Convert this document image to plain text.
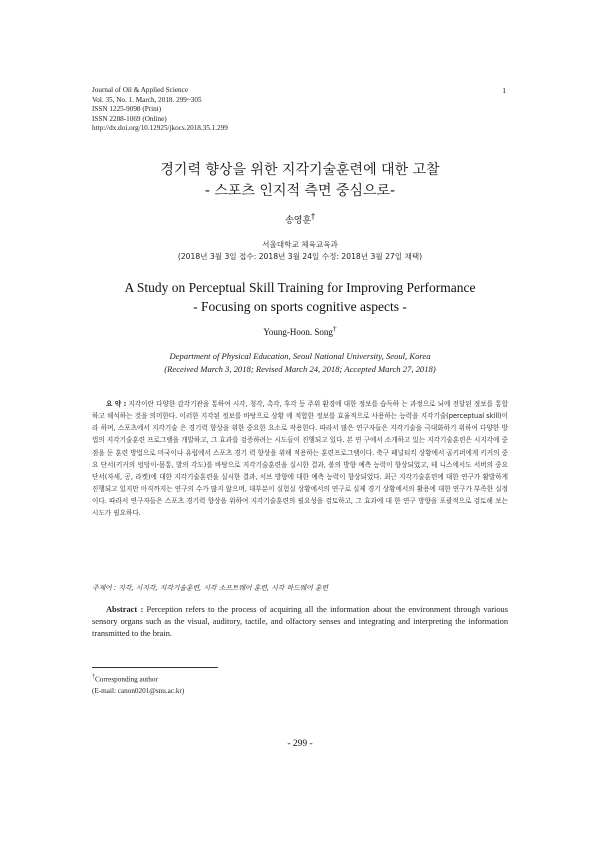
Journal of Oil & Applied Science
Vol. 35, No. 1. March, 2018. 299~305
ISSN 1225-9098 (Print)
ISSN 2288-1069 (Online)
http://dx.doi.org/10.12925/jkocs.2018.35.1.299
1
경기력 향상을 위한 지각기술훈련에 대한 고찰
- 스포츠 인지적 측면 중심으로-
송영훈†
서울대학교 체육교육과
(2018년 3월 3일 접수: 2018년 3월 24일 수정: 2018년 3월 27일 채택)
A Study on Perceptual Skill Training for Improving Performance
- Focusing on sports cognitive aspects -
Young-Hoon. Song†
Department of Physical Education, Seoul National University, Seoul, Korea
(Received March 3, 2018; Revised March 24, 2018; Accepted March 27, 2018)
요 약 : 지각이란 다양한 감각기관을 통하여 시각, 청각, 촉각, 후각 등 주위 환경에 대한 정보를 습득하 는 과정으로 뇌에 전달된 정보를 통합하고 해석하는 것을 의미한다. 이러한 지각된 정보를 바탕으로 상황 에 적합한 정보를 효율적으로 사용하는 능력을 지각기술(perceptual skill)이라 하며, 스포츠에서 지각기술 은 경기력 향상을 위한 중요한 요소로 작용한다. 따라서 많은 연구자들은 지각기술을 극대화하기 위하여 다양한 방법의 지각기술훈련 프로그램을 개발하고, 그 효과를 검증하려는 시도들이 진행되고 있다. 본 연 구에서 소개하고 있는 지각기술훈련은 시지각에 중점을 둔 훈련 방법으로 미국이나 유럽에서 스포츠 경기 력 향상을 위해 적용하는 훈련프로그램이다. 축구 페널티킥 상황에서 골키퍼에게 키커의 중요 단서(키커의 엉덩이-몸통, 발의 각도)를 바탕으로 지각기술훈련을 실시한 결과, 볼의 방향 예측 능력이 향상되었고, 테 니스에서도 서버의 중요 단서(자세, 공, 라켓)에 대한 지각기술훈련을 실시한 결과, 서브 방향에 대한 예측 능력이 향상되었다. 최근 지각기술훈련에 대한 연구가 활발하게 진행되고 있지만 아직까지는 연구의 수가 많지 않으며, 대부분이 실험실 상황에서의 연구로 실제 경기 상황에서의 활용에 대한 연구가 부족한 실정 이다. 따라서 연구자들은 스포츠 경기력 향상을 위하여 지각기술훈련의 필요성을 검토하고, 그 효과에 대 한 연구 방향을 포괄적으로 검토해 보는 시도가 필요하다.
주제어 : 지각, 시지각, 지각기술훈련, 시각 소프트웨어 훈련, 시각 하드웨어 훈련
Abstract : Perception refers to the process of acquiring all the information about the environment through various sensory organs such as the visual, auditory, tactile, and olfactory senses and integrating and interpreting the information transmitted to the brain.
†Corresponding author
(E-mail: canon0201@snu.ac.kr)
- 299 -
